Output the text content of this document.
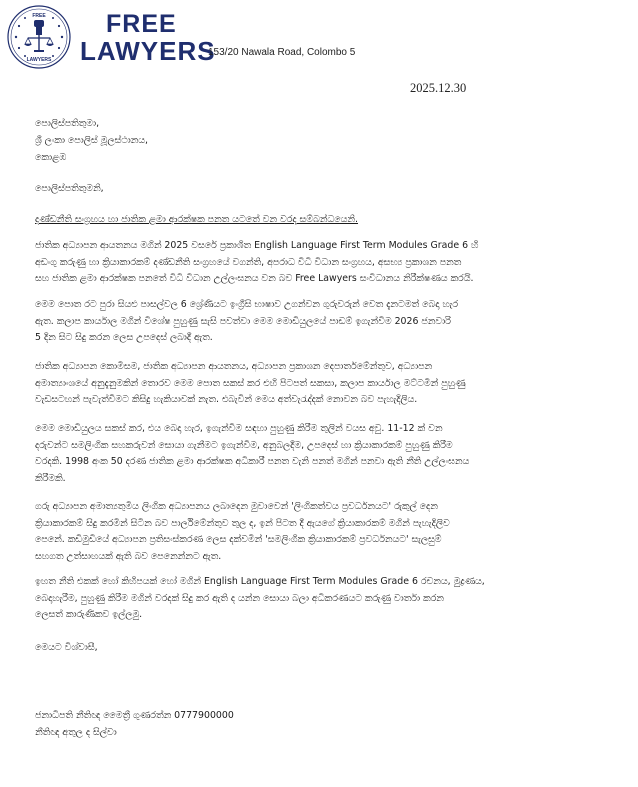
FREE
LAWYERS
FREE
LAWYERS
153/20 Nawala Road, Colombo 5
2025.12.30
පොලිස්පතිතුමා,
ශ්‍රී ලංකා පොලිස් මූලස්ථානය,
කොළඹ
පොලිස්පතිතුමනි,
දණ්ඩනීති සංග්‍රහය හා ජාතික ළමා ආරක්ෂක පනත යටතේ වන වරද සම්බන්ධයෙනි.
ජාතික අධ්‍යාපන ආයතනය මගින් 2025 වසරේ ප්‍රකාශිත English Language First Term Modules Grade 6 හි
අඩංගු කරුණු හා ක්‍රියාකාරකම් දණ්ඩනීති සංග්‍රහයේ වගන්ති, අපරාධ විධි විධාන සංග්‍රහය, අසභ්‍ය ප්‍රකාශන පනත
සහ ජාතික ළමා ආරක්ෂක පනතේ විධි විධාන උල්ලංඝනය වන බව Free Lawyers සංවිධානය නිරීක්ෂණය කරයි.
මෙම පොත රට පුරා සියළු පාසල්වල 6 ශ්‍රේණියට ඉංග්‍රීසි භාෂාව උගන්වන ගුරුවරුන් වෙත දැනටමත් බෙදා හැර
ඇත. කලාප කාර්යාල මගින් විශේෂ පුහුණු සැසි පවත්වා මෙම මොඩියුලයේ පාඩම් ඉගැන්වීම 2026 ජනවාරි
5 දින සිට සිදු කරන ලෙස උපදෙස් ලබාදී ඇත.
ජාතික අධ්‍යාපන කොමිසම, ජාතික අධ්‍යාපන ආයතනය, අධ්‍යාපන ප්‍රකාශන දෙපාර්තමේන්තුව, අධ්‍යාපන
අමාත්‍යාංශයේ අනුදැනුමකින් තොරව මෙම පොත සකස් කර එහි පිටපත් සකසා, කලාප කාර්යාල මට්ටමින් පුහුණු
වැඩසටහන් පැවැත්වීමට කිසිදු හැකියාවක් නැත. එබැවින් මෙය අත්වැරැද්දක් නොවන බව පැහැදිලිය.
මෙම මොඩියුලය සකස් කර, එය බෙදා හැර, ඉගැන්වීම සඳහා පුහුණු කිරීම තුලින් වයස අවු. 11-12 ක් වන
දරුවන්ට සමලිංගික සහකරුවන් සොයා ගැනීමට ඉගැන්වීම, අනුබලදීම, උපදෙස් හා ක්‍රියාකාරකම් පුහුණු කිරීම
වරදකි. 1998 අංක 50 දරණ ජාතික ළමා ආරක්ෂක අධිකාරී පනත වැනි පනත් මගින් පනවා ඇති නීති උල්ලංඝනය
කිරීමකි.
ගරු අධ්‍යාපන අමාත්‍යතුමිය ලිංගික අධ්‍යාපනය ලබාදෙන මුවාවෙන් 'ලිංගිකත්වය ප්‍රවර්ධනයට' රුකුල් දෙන
ක්‍රියාකාරකම් සිදු කරමින් සිටින බව පාර්ලිමේන්තුව තුල ද, ඉන් පිටත දී ඇයගේ ක්‍රියාකාරකම් මගින් පැහැදිලිව
පෙනේ. කඩිමුඩියේ අධ්‍යාපන ප්‍රතිසංස්කරණ ලෙස දක්වමින් 'සමලිංගික ක්‍රියාකාරකම් ප්‍රවර්ධනයට' සැලසුම්
සහගත උත්සාහයක් ඇති බව පෙනෙන්නට ඇත.
ඉහත නීති එකක් හෝ කිහිපයක් හෝ මගින් English Language First Term Modules Grade 6 රචනය, මුද්‍රණය,
බෙදාහැරීම, පුහුණු කිරීම මගින් වරදක් සිදු කර ඇති ද යන්න සොයා බලා අධිකරණයට කරුණු වාර්තා කරන
ලෙසත් කාරුණිකව ඉල්ලමු.
මෙයට විශ්වාසී,
ජනාධිපති නීතිඥ මෛත්‍රී ගුණරත්න 0777900000
නීතිඥ අතුල ද සිල්වා
